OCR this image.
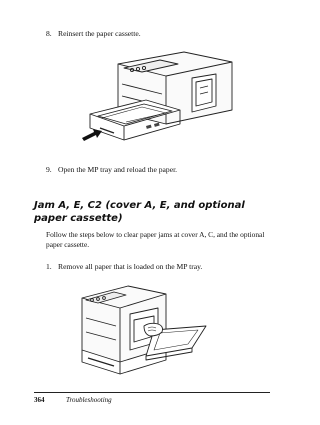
8. Reinsert the paper cassette.
9. Open the MP tray and reload the paper.
Jam A, E, C2 (cover A, E, and optional paper cassette)
Follow the steps below to clear paper jams at cover A, C, and the optional paper cassette.
1. Remove all paper that is loaded on the MP tray.
364	Troubleshooting
